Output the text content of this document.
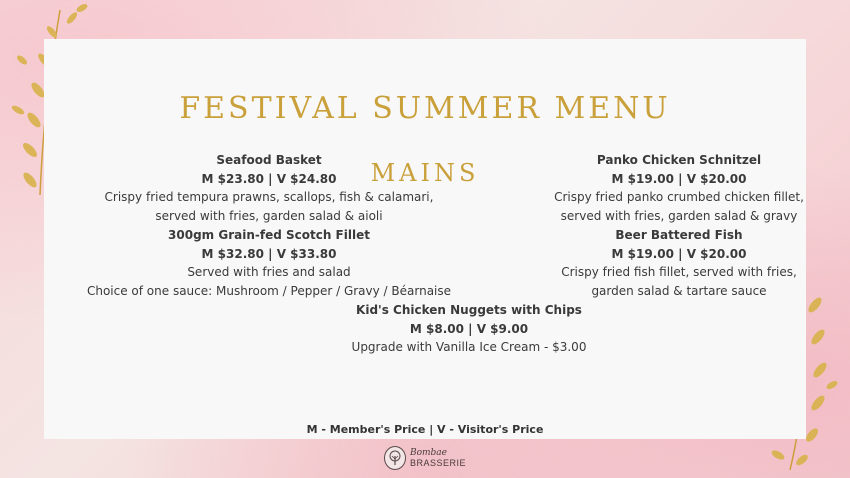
FESTIVAL SUMMER MENU
MAINS
Seafood Basket
M $23.80 | V $24.80
Crispy fried tempura prawns, scallops, fish & calamari,
served with fries, garden salad & aioli
Panko Chicken Schnitzel
M $19.00 | V $20.00
Crispy fried panko crumbed chicken fillet,
served with fries, garden salad & gravy
300gm Grain-fed Scotch Fillet
M $32.80 | V $33.80
Served with fries and salad
Choice of one sauce: Mushroom / Pepper / Gravy / Béarnaise
Beer Battered Fish
M $19.00 | V $20.00
Crispy fried fish fillet, served with fries,
garden salad & tartare sauce
Kid's Chicken Nuggets with Chips
M $8.00 | V $9.00
Upgrade with Vanilla Ice Cream - $3.00
M - Member's Price | V - Visitor's Price
Bombae
BRASSERIE
